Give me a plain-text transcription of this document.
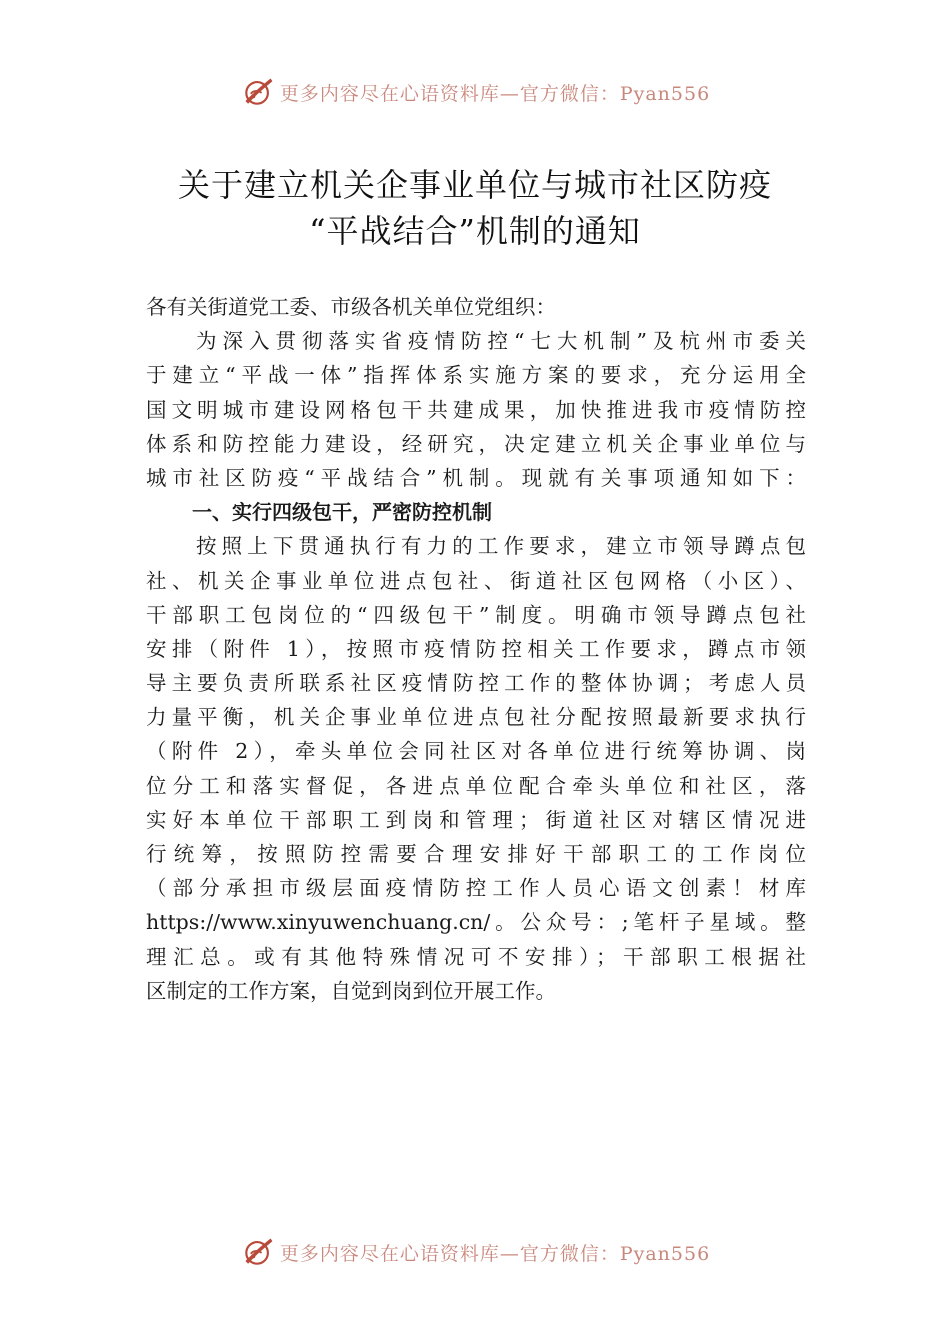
更多内容尽在心语资料库—官方微信：Pyan556
关于建立机关企事业单位与城市社区防疫
“平战结合”机制的通知
各有关街道党工委、市级各机关单位党组织：
为深入贯彻落实省疫情防控“七大机制”及杭州市委关
于建立“平战一体”指挥体系实施方案的要求，充分运用全
国文明城市建设网格包干共建成果，加快推进我市疫情防控
体系和防控能力建设，经研究，决定建立机关企事业单位与
城市社区防疫“平战结合”机制。现就有关事项通知如下：
一、实行四级包干，严密防控机制
按照上下贯通执行有力的工作要求，建立市领导蹲点包
社、机关企事业单位进点包社、街道社区包网格（小区）、
干部职工包岗位的“四级包干”制度。明确市领导蹲点包社
安排（附件 1），按照市疫情防控相关工作要求，蹲点市领
导主要负责所联系社区疫情防控工作的整体协调；考虑人员
力量平衡，机关企事业单位进点包社分配按照最新要求执行
（附件 2），牵头单位会同社区对各单位进行统筹协调、岗
位分工和落实督促，各进点单位配合牵头单位和社区，落
实好本单位干部职工到岗和管理；街道社区对辖区情况进
行统筹，按照防控需要合理安排好干部职工的工作岗位
（部分承担市级层面疫情防控工作人员心语文创素！材库
https://www.xinyuwenchuang.cn/。公众号：;笔杆子星域。整
理汇总。或有其他特殊情况可不安排）；干部职工根据社
区制定的工作方案，自觉到岗到位开展工作。
更多内容尽在心语资料库—官方微信：Pyan556
